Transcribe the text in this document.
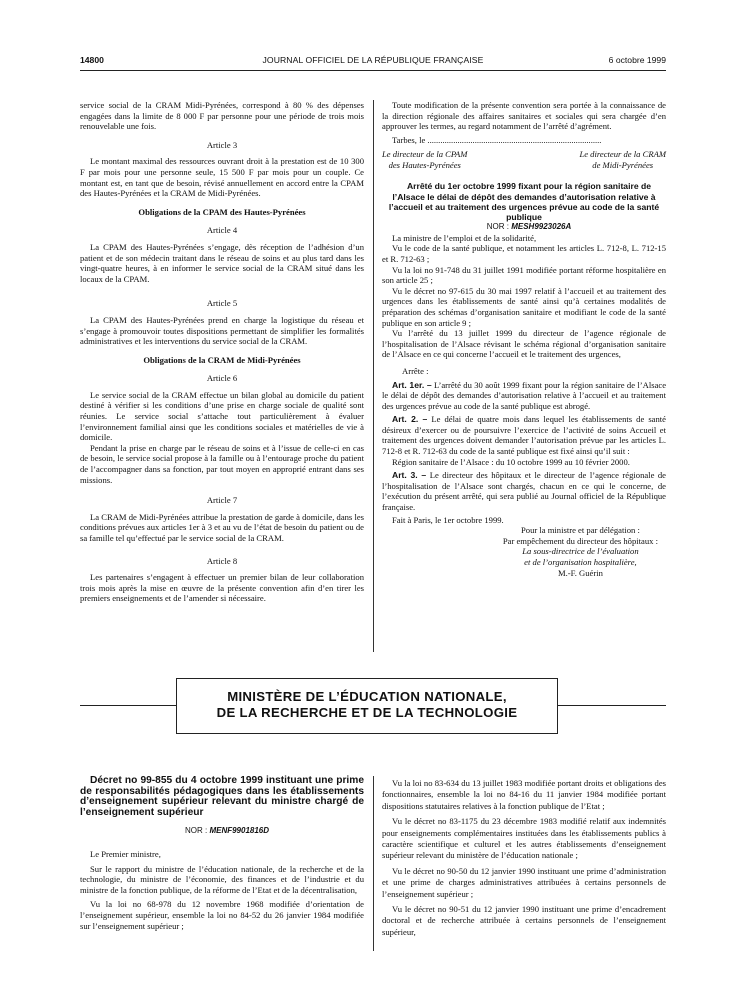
14800	JOURNAL OFFICIEL DE LA RÉPUBLIQUE FRANÇAISE	6 octobre 1999

service social de la CRAM Midi-Pyrénées, correspond à 80 % des dépenses engagées dans la limite de 8 000 F par personne pour une période de trois mois renouvelable une fois.

Article 3

Le montant maximal des ressources ouvrant droit à la prestation est de 10 300 F par mois pour une personne seule, 15 500 F par mois pour un couple. Ce montant est, en tant que de besoin, révisé annuellement en accord entre la CPAM des Hautes-Pyrénées et la CRAM de Midi-Pyrénées.

Obligations de la CPAM des Hautes-Pyrénées

Article 4

La CPAM des Hautes-Pyrénées s’engage, dès réception de l’adhésion d’un patient et de son médecin traitant dans le réseau de soins et au plus tard dans les vingt-quatre heures, à en informer le service social de la CRAM situé dans les locaux de la CPAM.

Article 5

La CPAM des Hautes-Pyrénées prend en charge la logistique du réseau et s’engage à promouvoir toutes dispositions permettant de simplifier les formalités administratives et les interventions du service social de la CRAM.

Obligations de la CRAM de Midi-Pyrénées

Article 6

Le service social de la CRAM effectue un bilan global au domicile du patient destiné à vérifier si les conditions d’une prise en charge sociale de qualité sont réunies. Le service social s’attache tout particulièrement à évaluer l’environnement familial ainsi que les conditions sociales et matérielles de vie à domicile.

Pendant la prise en charge par le réseau de soins et à l’issue de celle-ci en cas de besoin, le service social propose à la famille ou à l’entourage proche du patient de l’accompagner dans sa fonction, par tout moyen en approprié entrant dans ses missions.

Article 7

La CRAM de Midi-Pyrénées attribue la prestation de garde à domicile, dans les conditions prévues aux articles 1er à 3 et au vu de l’état de besoin du patient ou de sa famille tel qu’effectué par le service social de la CRAM.

Article 8

Les partenaires s’engagent à effectuer un premier bilan de leur collaboration trois mois après la mise en œuvre de la présente convention afin d’en tirer les premiers enseignements et de l’amender si nécessaire.

Toute modification de la présente convention sera portée à la connaissance de la direction régionale des affaires sanitaires et sociales qui sera chargée d’en approuver les termes, au regard notamment de l’arrêté d’agrément.

Tarbes, le .................................................................................

Le directeur de la CPAM
des Hautes-Pyrénées
Le directeur de la CRAM
de Midi-Pyrénées

Arrêté du 1er octobre 1999 fixant pour la région sanitaire de l’Alsace le délai de dépôt des demandes d’autorisation relative à l’accueil et au traitement des urgences prévue au code de la santé publique

NOR : MESH9923026A

La ministre de l’emploi et de la solidarité,

Vu le code de la santé publique, et notamment les articles L. 712-8, L. 712-15 et R. 712-63 ;

Vu la loi no 91-748 du 31 juillet 1991 modifiée portant réforme hospitalière en son article 25 ;

Vu le décret no 97-615 du 30 mai 1997 relatif à l’accueil et au traitement des urgences dans les établissements de santé ainsi qu’à certaines modalités de préparation des schémas d’organisation sanitaire et modifiant le code de la santé publique en son article 9 ;

Vu l’arrêté du 13 juillet 1999 du directeur de l’agence régionale de l’hospitalisation de l’Alsace révisant le schéma régional d’organisation sanitaire de l’Alsace en ce qui concerne l’accueil et le traitement des urgences,

Arrête :

Art. 1er. – L’arrêté du 30 août 1999 fixant pour la région sanitaire de l’Alsace le délai de dépôt des demandes d’autorisation relative à l’accueil et au traitement des urgences prévue au code de la santé publique est abrogé.

Art. 2. – Le délai de quatre mois dans lequel les établissements de santé désireux d’exercer ou de poursuivre l’exercice de l’activité de soins Accueil et traitement des urgences doivent demander l’autorisation prévue par les articles L. 712-8 et R. 712-63 du code de la santé publique est fixé ainsi qu’il suit :

Région sanitaire de l’Alsace : du 10 octobre 1999 au 10 février 2000.

Art. 3. – Le directeur des hôpitaux et le directeur de l’agence régionale de l’hospitalisation de l’Alsace sont chargés, chacun en ce qui le concerne, de l’exécution du présent arrêté, qui sera publié au Journal officiel de la République française.

Fait à Paris, le 1er octobre 1999.

Pour la ministre et par délégation :
Par empêchement du directeur des hôpitaux :
La sous-directrice de l’évaluation
et de l’organisation hospitalière,
M.-F. Guérin
MINISTÈRE DE L’ÉDUCATION NATIONALE,
DE LA RECHERCHE ET DE LA TECHNOLOGIE

Décret no 99-855 du 4 octobre 1999 instituant une prime de responsabilités pédagogiques dans les établissements d’enseignement supérieur relevant du ministre chargé de l’enseignement supérieur

NOR : MENF9901816D

Le Premier ministre,

Sur le rapport du ministre de l’éducation nationale, de la recherche et de la technologie, du ministre de l’économie, des finances et de l’industrie et du ministre de la fonction publique, de la réforme de l’Etat et de la décentralisation,

Vu la loi no 68-978 du 12 novembre 1968 modifiée d’orientation de l’enseignement supérieur, ensemble la loi no 84-52 du 26 janvier 1984 modifiée sur l’enseignement supérieur ;

Vu la loi no 83-634 du 13 juillet 1983 modifiée portant droits et obligations des fonctionnaires, ensemble la loi no 84-16 du 11 janvier 1984 modifiée portant dispositions statutaires relatives à la fonction publique de l’Etat ;

Vu le décret no 83-1175 du 23 décembre 1983 modifié relatif aux indemnités pour enseignements complémentaires instituées dans les établissements publics à caractère scientifique et culturel et les autres établissements d’enseignement supérieur relevant du ministère de l’éducation nationale ;

Vu le décret no 90-50 du 12 janvier 1990 instituant une prime d’administration et une prime de charges administratives attribuées à certains personnels de l’enseignement supérieur ;

Vu le décret no 90-51 du 12 janvier 1990 instituant une prime d’encadrement doctoral et de recherche attribuée à certains personnels de l’enseignement supérieur,
